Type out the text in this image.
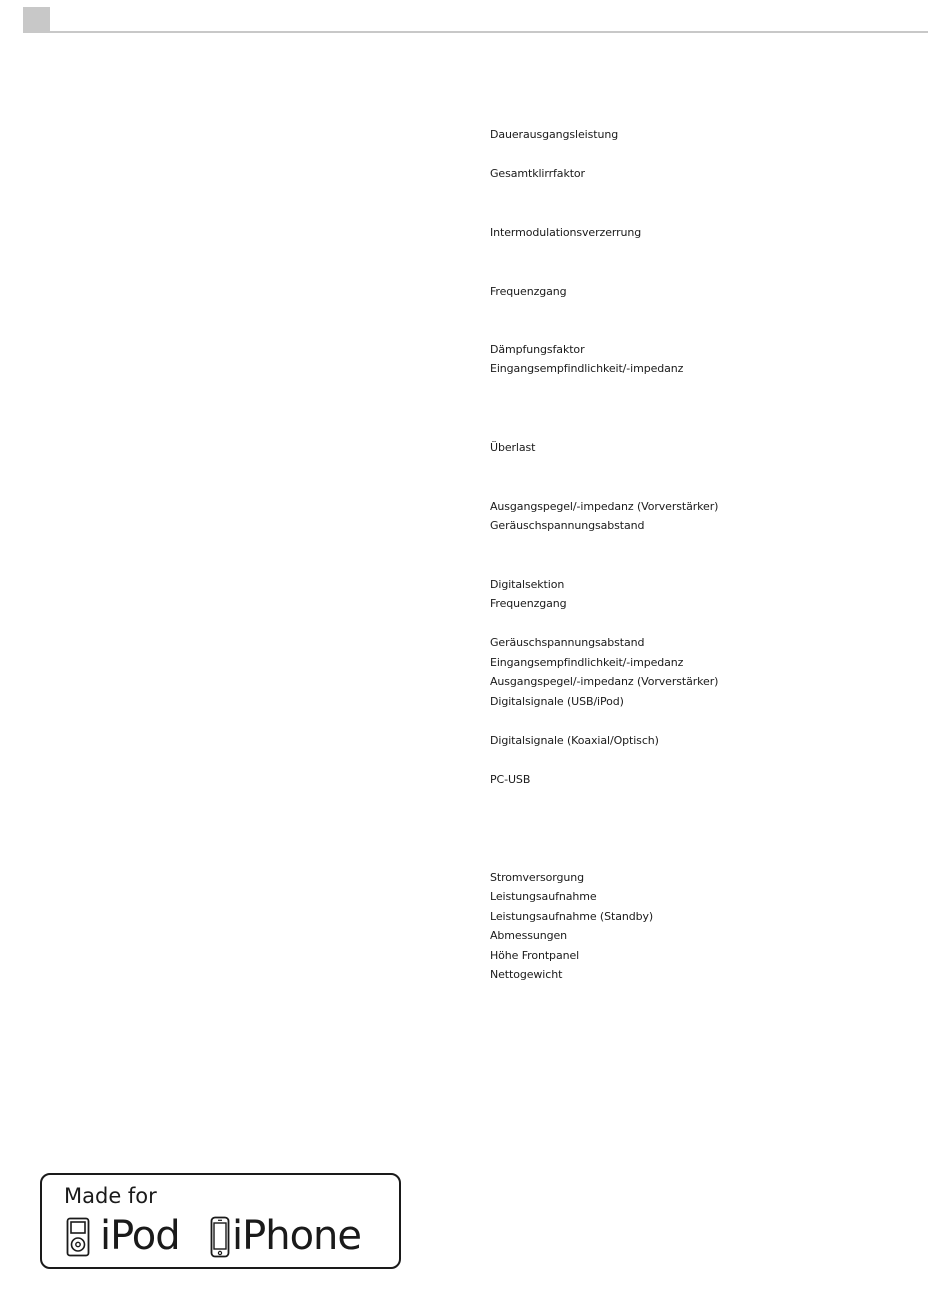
Dauerausgangsleistung
Gesamtklirrfaktor
Intermodulationsverzerrung
Frequenzgang
Dämpfungsfaktor
Eingangsempfindlichkeit/-impedanz
Überlast
Ausgangspegel/-impedanz (Vorverstärker)
Geräuschspannungsabstand
Digitalsektion
Frequenzgang
Geräuschspannungsabstand
Eingangsempfindlichkeit/-impedanz
Ausgangspegel/-impedanz (Vorverstärker)
Digitalsignale (USB/iPod)
Digitalsignale (Koaxial/Optisch)
PC-USB
Stromversorgung
Leistungsaufnahme
Leistungsaufnahme (Standby)
Abmessungen
Höhe Frontpanel
Nettogewicht
Made for
iPod iPhone
